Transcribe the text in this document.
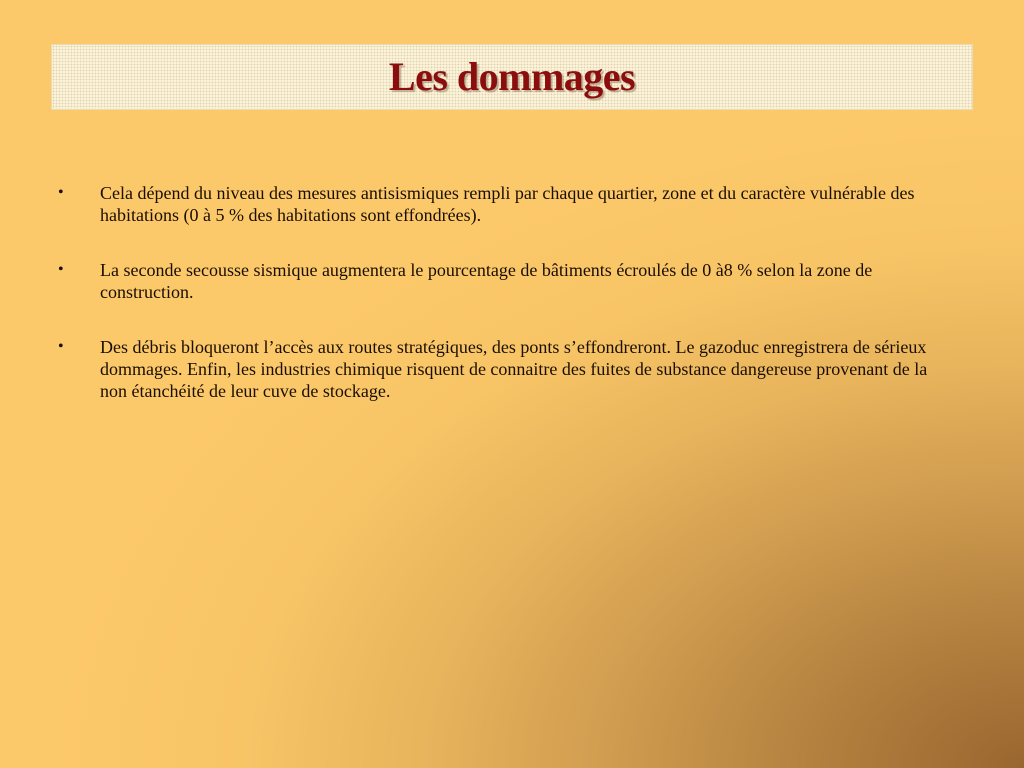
Les dommages
• Cela dépend du niveau des mesures antisismiques rempli par chaque quartier, zone et du caractère vulnérable des habitations (0 à 5 % des habitations sont effondrées).
• La seconde secousse sismique augmentera le pourcentage de bâtiments écroulés de 0 à8 % selon la zone de construction.
• Des débris bloqueront l’accès aux routes stratégiques, des ponts s’effondreront. Le gazoduc enregistrera de sérieux dommages. Enfin, les industries chimique risquent de connaitre des fuites de substance dangereuse provenant de la non étanchéité de leur cuve de stockage.
